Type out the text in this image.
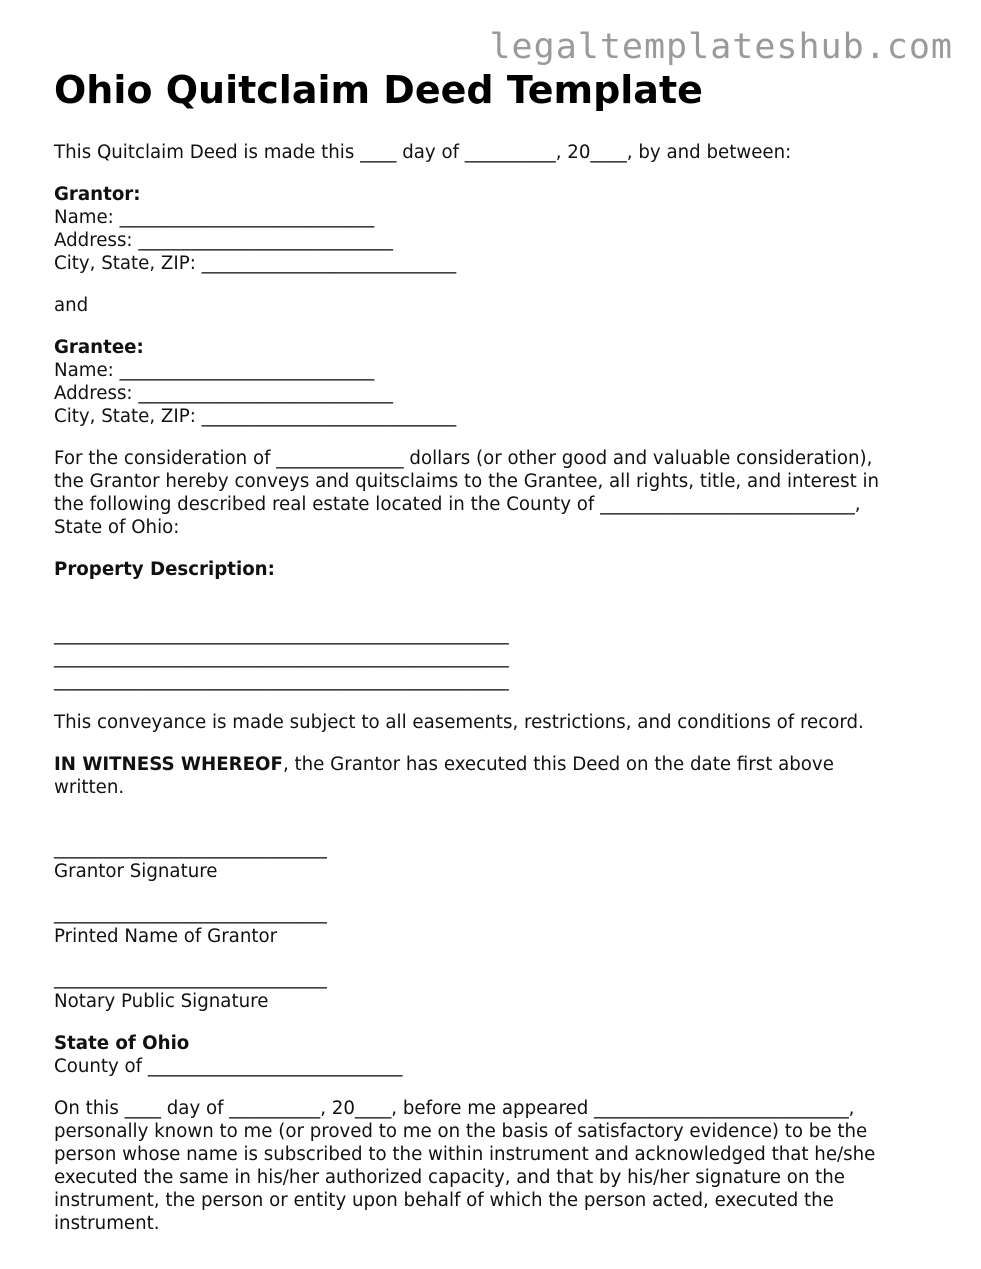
legaltemplateshub.com
Ohio Quitclaim Deed Template

This Quitclaim Deed is made this ____ day of __________, 20____, by and between:

Grantor:

Name: ____________________________

Address: ____________________________

City, State, ZIP: ____________________________

and

Grantee:

Name: ____________________________

Address: ____________________________

City, State, ZIP: ____________________________

For the consideration of ______________ dollars (or other good and valuable consideration),

the Grantor hereby conveys and quitsclaims to the Grantee, all rights, title, and interest in

the following described real estate located in the County of ____________________________,

State of Ohio:

Property Description:

__________________________________________________

__________________________________________________

__________________________________________________

This conveyance is made subject to all easements, restrictions, and conditions of record.

IN WITNESS WHEREOF, the Grantor has executed this Deed on the date first above

written.

______________________________

Grantor Signature

______________________________

Printed Name of Grantor

______________________________

Notary Public Signature

State of Ohio

County of ____________________________

On this ____ day of __________, 20____, before me appeared ____________________________,

personally known to me (or proved to me on the basis of satisfactory evidence) to be the

person whose name is subscribed to the within instrument and acknowledged that he/she

executed the same in his/her authorized capacity, and that by his/her signature on the

instrument, the person or entity upon behalf of which the person acted, executed the

instrument.
